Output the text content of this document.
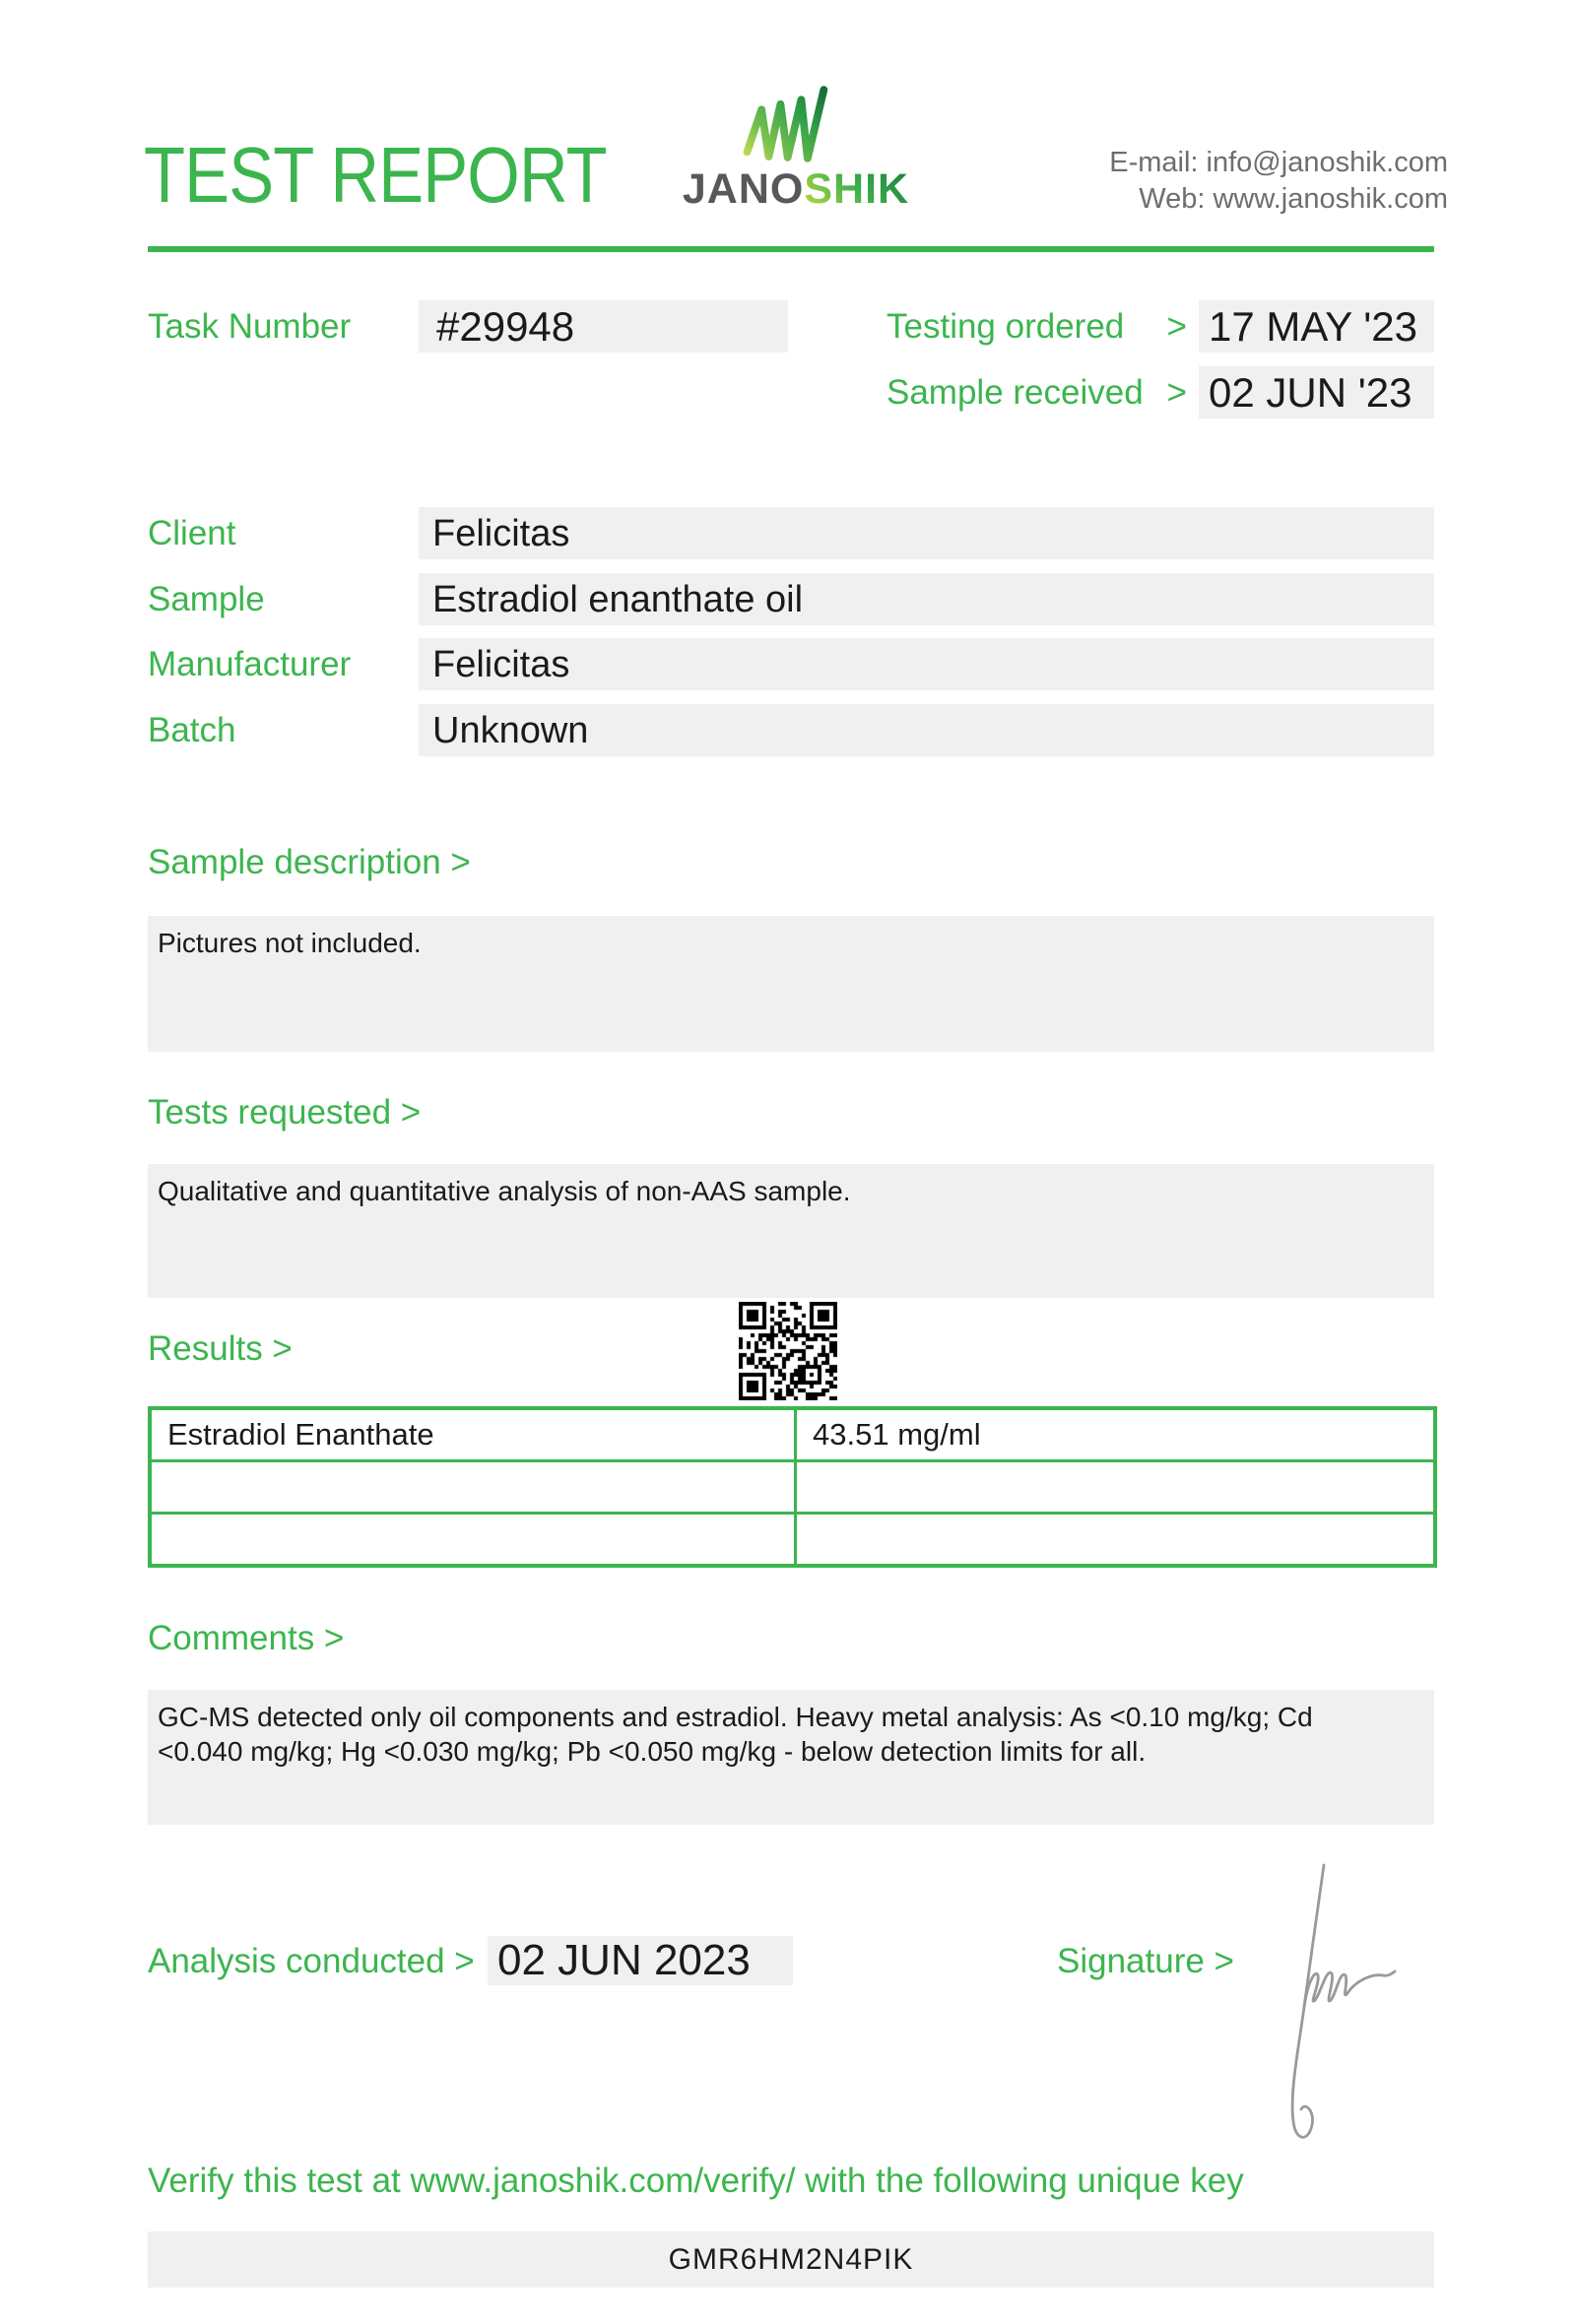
TEST REPORT JANOSHIK
E-mail: info@janoshik.com
Web: www.janoshik.com
Task Number #29948	Testing ordered > 17 MAY '23
Sample received > 02 JUN '23
Client	Felicitas
Sample	Estradiol enanthate oil
Manufacturer Felicitas
Batch	Unknown
Sample description >
Pictures not included.
Tests requested >
Qualitative and quantitative analysis of non-AAS sample.
Results >
Estradiol Enanthate	43.51 mg/ml
Comments >
GC-MS detected only oil components and estradiol. Heavy metal analysis: As <0.10 mg/kg; Cd <0.040 mg/kg; Hg <0.030 mg/kg; Pb <0.050 mg/kg - below detection limits for all.
Analysis conducted > 02 JUN 2023	Signature >
Verify this test at www.janoshik.com/verify/ with the following unique key
GMR6HM2N4PIK
